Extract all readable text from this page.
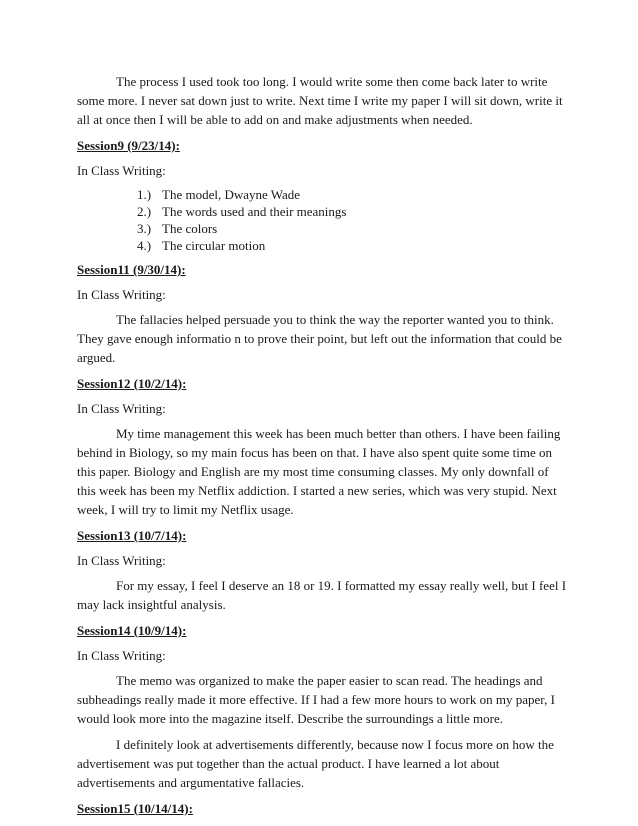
The process I used took too long. I would write some then come back later to write some more. I never sat down just to write. Next time I write my paper I will sit down, write it all at once then I will be able to add on and make adjustments when needed.

Session9 (9/23/14):

In Class Writing:

1.) The model, Dwayne Wade
2.) The words used and their meanings
3.) The colors
4.) The circular motion

Session11 (9/30/14):

In Class Writing:

The fallacies helped persuade you to think the way the reporter wanted you to think. They gave enough informatio n to prove their point, but left out the information that could be argued.

Session12 (10/2/14):

In Class Writing:

My time management this week has been much better than others. I have been failing behind in Biology, so my main focus has been on that. I have also spent quite some time on this paper. Biology and English are my most time consuming classes. My only downfall of this week has been my Netflix addiction. I started a new series, which was very stupid. Next week, I will try to limit my Netflix usage.

Session13 (10/7/14):

In Class Writing:

For my essay, I feel I deserve an 18 or 19. I formatted my essay really well, but I feel I may lack insightful analysis.

Session14 (10/9/14):

In Class Writing:

The memo was organized to make the paper easier to scan read. The headings and subheadings really made it more effective. If I had a few more hours to work on my paper, I would look more into the magazine itself. Describe the surroundings a little more.

I definitely look at advertisements differently, because now I focus more on how the advertisement was put together than the actual product. I have learned a lot about advertisements and argumentative fallacies.

Session15 (10/14/14):
